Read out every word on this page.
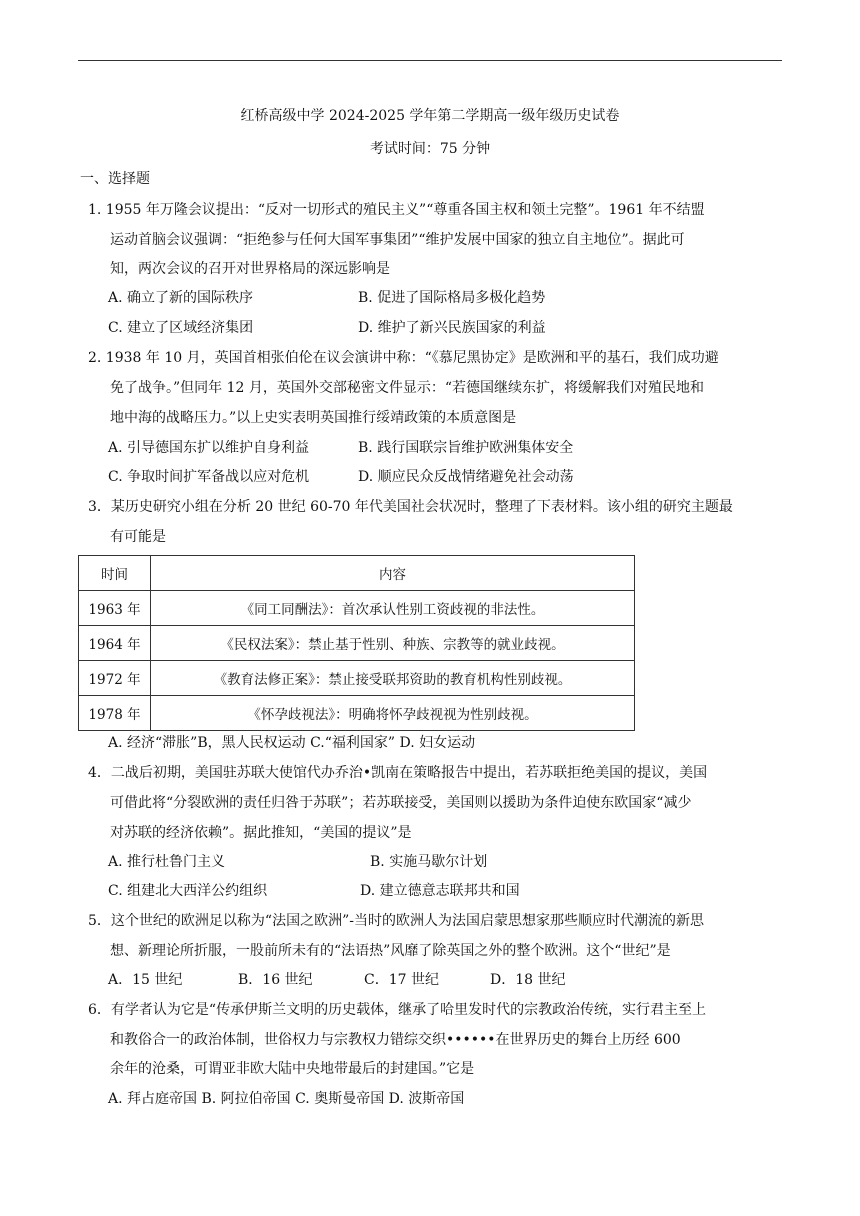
红桥高级中学 2024-2025 学年第二学期高一级年级历史试卷
考试时间：75 分钟
一、选择题
1. 1955 年万隆会议提出：“反对一切形式的殖民主义”“尊重各国主权和领土完整”。1961 年不结盟
运动首脑会议强调：“拒绝参与任何大国军事集团”“维护发展中国家的独立自主地位”。据此可
知，两次会议的召开对世界格局的深远影响是
A. 确立了新的国际秩序	B. 促进了国际格局多极化趋势
C. 建立了区域经济集团	D. 维护了新兴民族国家的利益
2. 1938 年 10 月，英国首相张伯伦在议会演讲中称：“《慕尼黑协定》是欧洲和平的基石，我们成功避
免了战争。”但同年 12 月，英国外交部秘密文件显示：“若德国继续东扩，将缓解我们对殖民地和
地中海的战略压力。”以上史实表明英国推行绥靖政策的本质意图是
A. 引导德国东扩以维护自身利益	B. 践行国联宗旨维护欧洲集体安全
C. 争取时间扩军备战以应对危机	D. 顺应民众反战情绪避免社会动荡
3．某历史研究小组在分析 20 世纪 60-70 年代美国社会状况时，整理了下表材料。该小组的研究主题最
有可能是
时间	内容
1963 年	《同工同酬法》：首次承认性别工资歧视的非法性。
1964 年	《民权法案》：禁止基于性别、种族、宗教等的就业歧视。
1972 年	《教育法修正案》：禁止接受联邦资助的教育机构性别歧视。
1978 年	《怀孕歧视法》：明确将怀孕歧视视为性别歧视。
A. 经济“滞胀”B，黑人民权运动 C.“福利国家” D. 妇女运动
4．二战后初期，美国驻苏联大使馆代办乔治•凯南在策略报告中提出，若苏联拒绝美国的提议，美国
可借此将“分裂欧洲的责任归咎于苏联”；若苏联接受，美国则以援助为条件迫使东欧国家“减少
对苏联的经济依赖”。据此推知，“美国的提议”是
A. 推行杜鲁门主义	B. 实施马歇尔计划
C. 组建北大西洋公约组织	D. 建立德意志联邦共和国
5．这个世纪的欧洲足以称为“法国之欧洲”-当时的欧洲人为法国启蒙思想家那些顺应时代潮流的新思
想、新理论所折服，一股前所未有的“法语热”风靡了除英国之外的整个欧洲。这个“世纪”是
A．15 世纪	B．16 世纪	C．17 世纪	D．18 世纪
6．有学者认为它是“传承伊斯兰文明的历史载体，继承了哈里发时代的宗教政治传统，实行君主至上
和教俗合一的政治体制，世俗权力与宗教权力错综交织••••••在世界历史的舞台上历经 600
余年的沧桑，可谓亚非欧大陆中央地带最后的封建国。”它是
A. 拜占庭帝国 B. 阿拉伯帝国 C. 奥斯曼帝国 D. 波斯帝国
